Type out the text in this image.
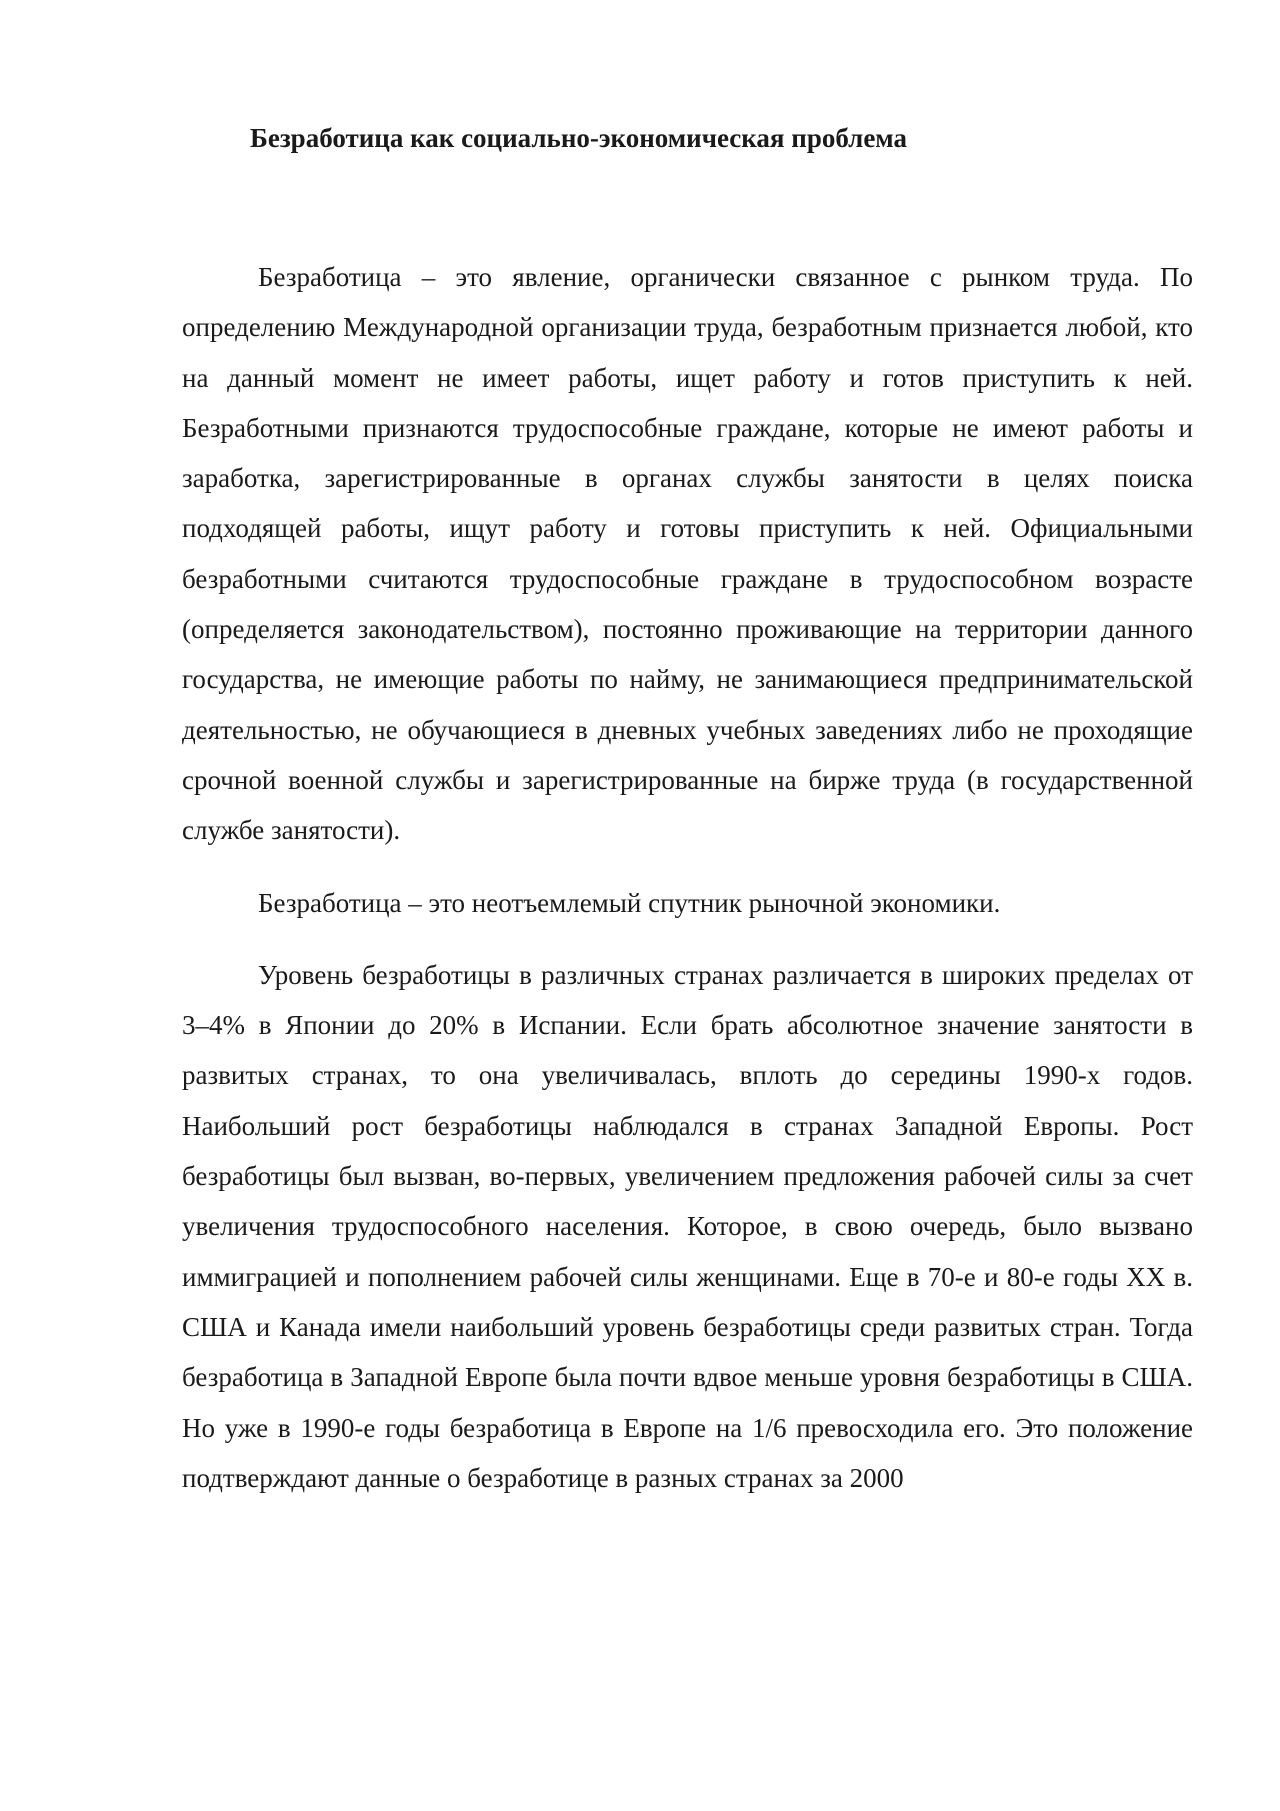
Безработица как социально-экономическая проблема

Безработица – это явление, органически связанное с рынком труда. По определению Международной организации труда, безработным признается любой, кто на данный момент не имеет работы, ищет работу и готов приступить к ней. Безработными признаются трудоспособные граждане, которые не имеют работы и заработка, зарегистрированные в органах службы занятости в целях поиска подходящей работы, ищут работу и готовы приступить к ней. Официальными безработными считаются трудоспособные граждане в трудоспособном возрасте (определяется законодательством), постоянно проживающие на территории данного государства, не имеющие работы по найму, не занимающиеся предпринимательской деятельностью, не обучающиеся в дневных учебных заведениях либо не проходящие срочной военной службы и зарегистрированные на бирже труда (в государственной службе занятости).

Безработица – это неотъемлемый спутник рыночной экономики.

Уровень безработицы в различных странах различается в широких пределах от 3–4% в Японии до 20% в Испании. Если брать абсолютное значение занятости в развитых странах, то она увеличивалась, вплоть до середины 1990-х годов. Наибольший рост безработицы наблюдался в странах Западной Европы. Рост безработицы был вызван, во-первых, увеличением предложения рабочей силы за счет увеличения трудоспособного населения. Которое, в свою очередь, было вызвано иммиграцией и пополнением рабочей силы женщинами. Еще в 70-е и 80-е годы XX в. США и Канада имели наибольший уровень безработицы среди развитых стран. Тогда безработица в Западной Европе была почти вдвое меньше уровня безработицы в США. Но уже в 1990-е годы безработица в Европе на 1/6 превосходила его. Это положение подтверждают данные о безработице в разных странах за 2000
